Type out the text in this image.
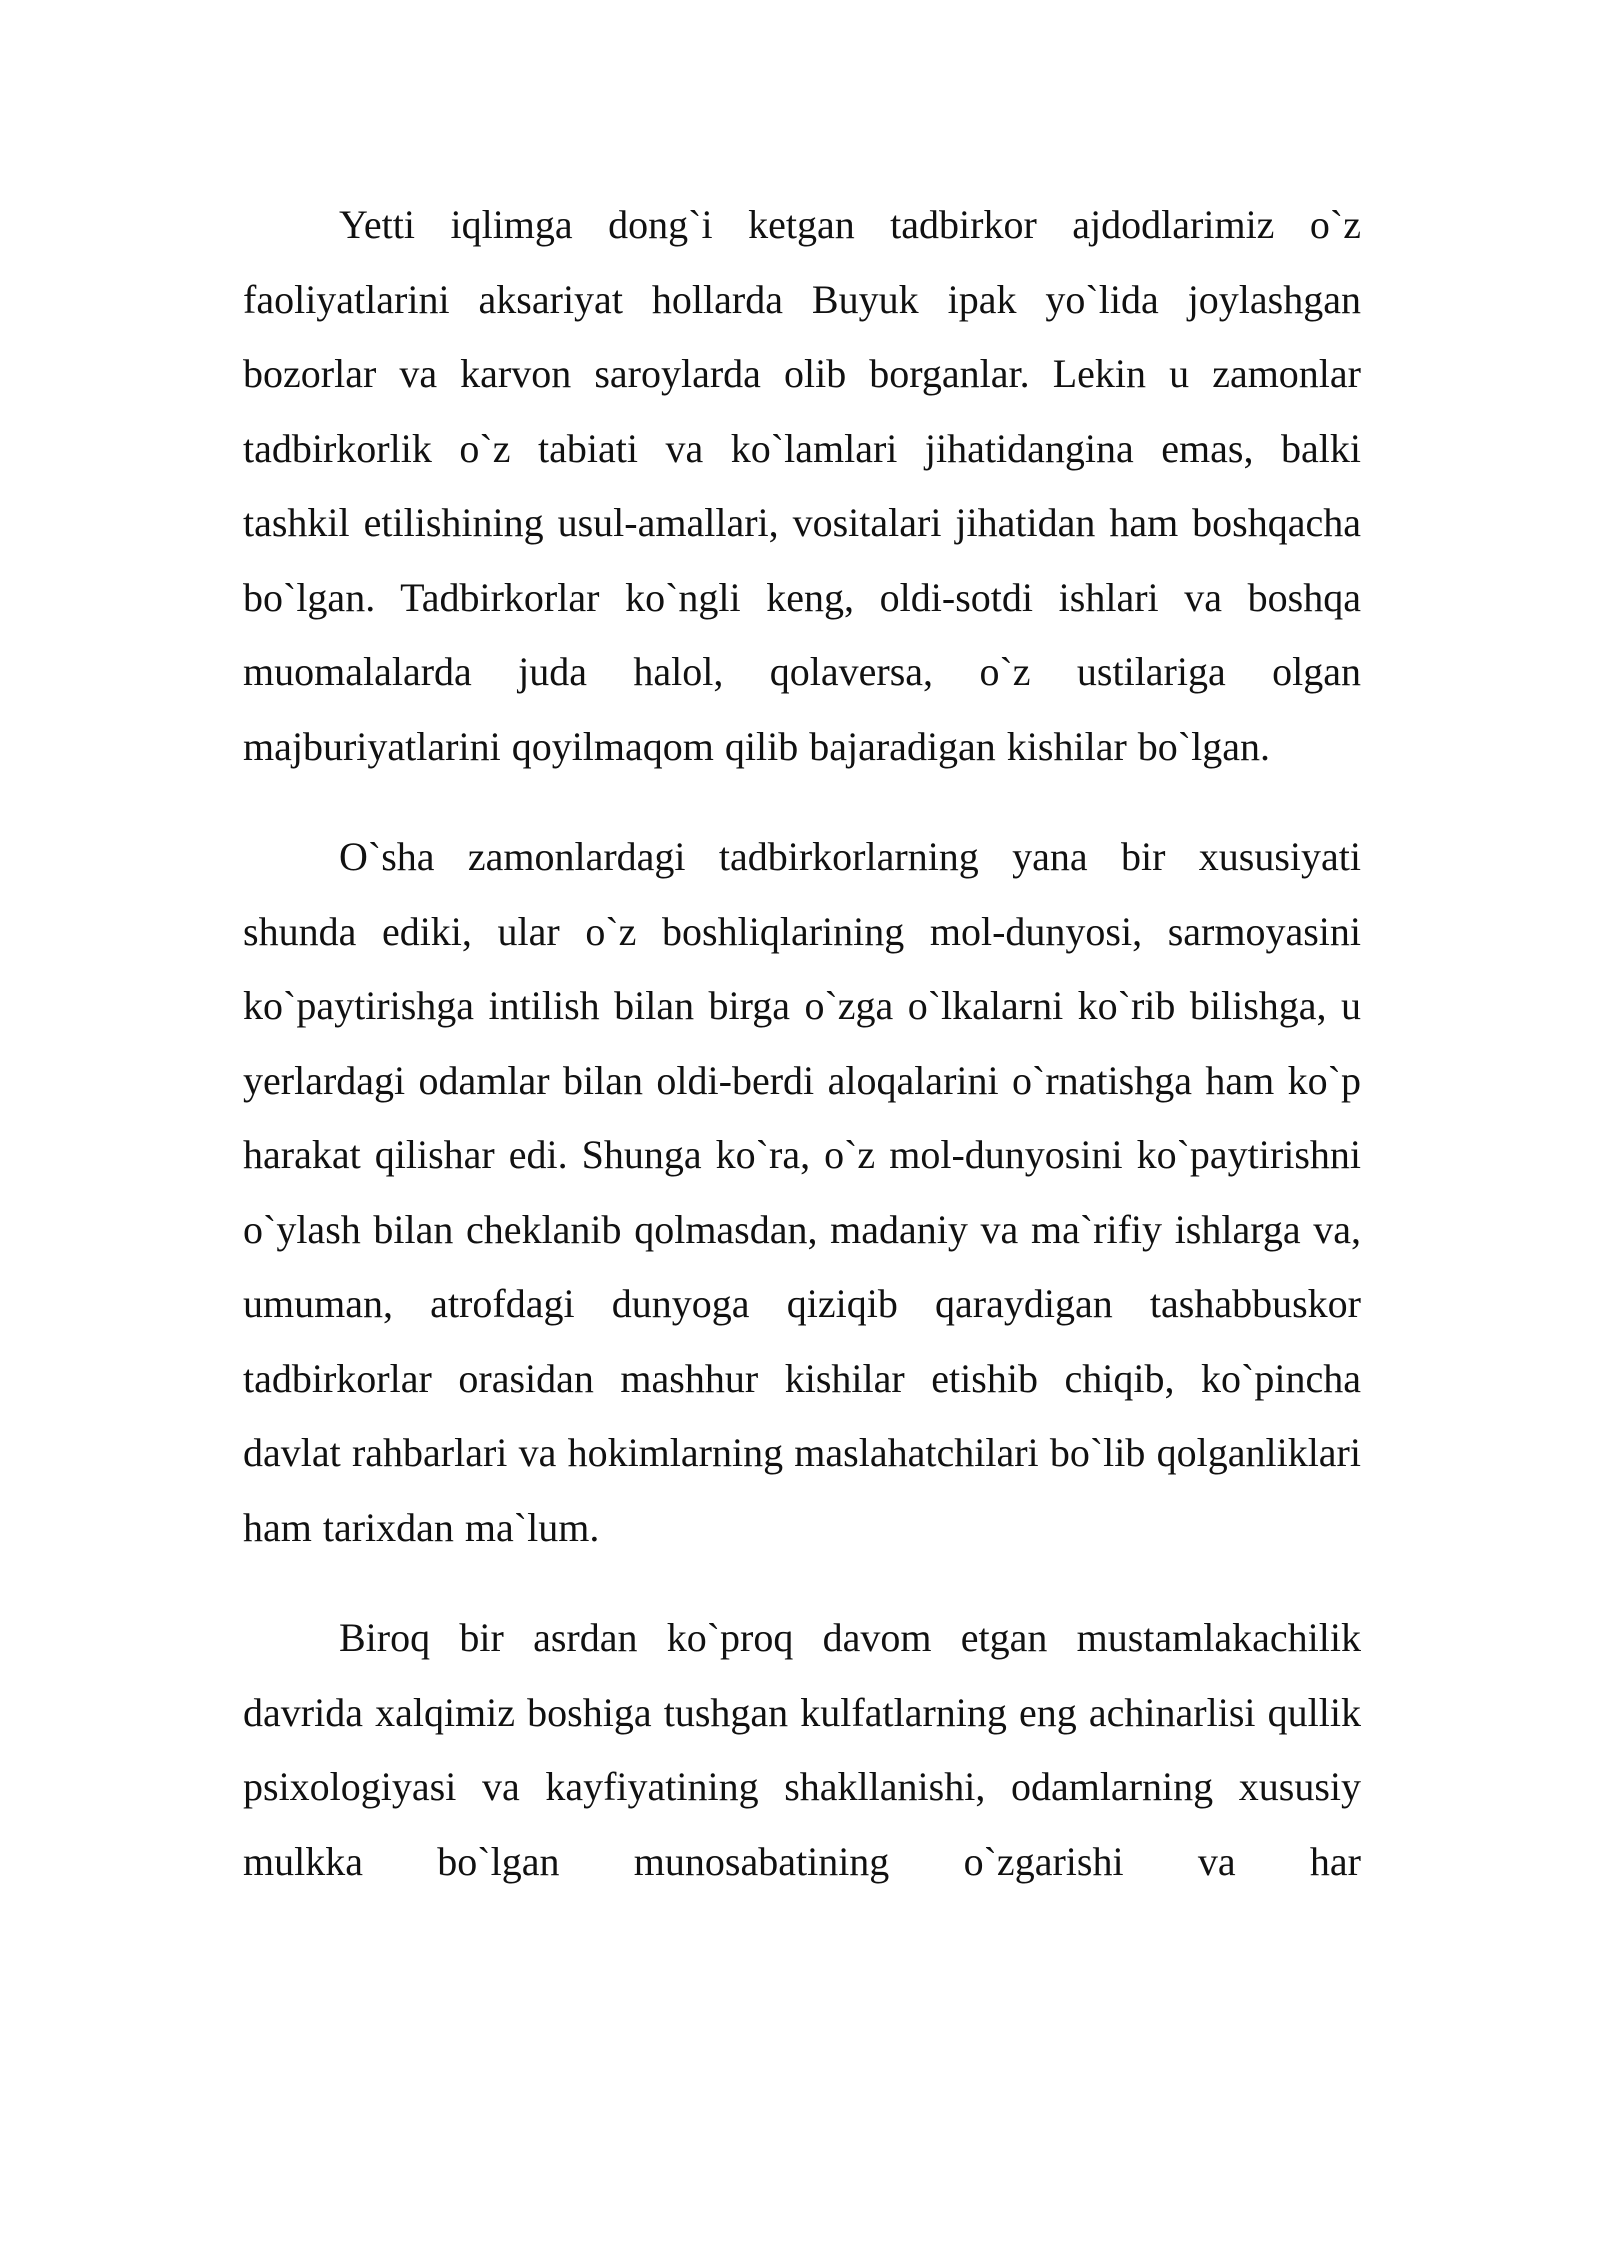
Yetti iqlimga dong`i ketgan tadbirkor ajdodlarimiz o`z faoliyatlarini aksariyat hollarda Buyuk ipak yo`lida joylashgan bozorlar va karvon saroylarda olib borganlar. Lekin u zamonlar tadbirkorlik o`z tabiati va ko`lamlari jihatidangina emas, balki tashkil etilishining usul-amallari, vositalari jihatidan ham boshqacha bo`lgan. Tadbirkorlar ko`ngli keng, oldi-sotdi ishlari va boshqa muomalalarda juda halol, qolaversa, o`z ustilariga olgan majburiyatlarini qoyilmaqom qilib bajaradigan kishilar bo`lgan.

O`sha zamonlardagi tadbirkorlarning yana bir xususiyati shunda ediki, ular o`z boshliqlarining mol-dunyosi, sarmoyasini ko`paytirishga intilish bilan birga o`zga o`lkalarni ko`rib bilishga, u yerlardagi odamlar bilan oldi-berdi aloqalarini o`rnatishga ham ko`p harakat qilishar edi. Shunga ko`ra, o`z mol-dunyosini ko`paytirishni o`ylash bilan cheklanib qolmasdan, madaniy va ma`rifiy ishlarga va, umuman, atrofdagi dunyoga qiziqib qaraydigan tashabbuskor tadbirkorlar orasidan mashhur kishilar etishib chiqib, ko`pincha davlat rahbarlari va hokimlarning maslahatchilari bo`lib qolganliklari ham tarixdan ma`lum.

Biroq bir asrdan ko`proq davom etgan mustamlakachilik davrida xalqimiz boshiga tushgan kulfatlarning eng achinarlisi qullik psixologiyasi va kayfiyatining shakllanishi, odamlarning xususiy mulkka bo`lgan munosabatining o`zgarishi va har
